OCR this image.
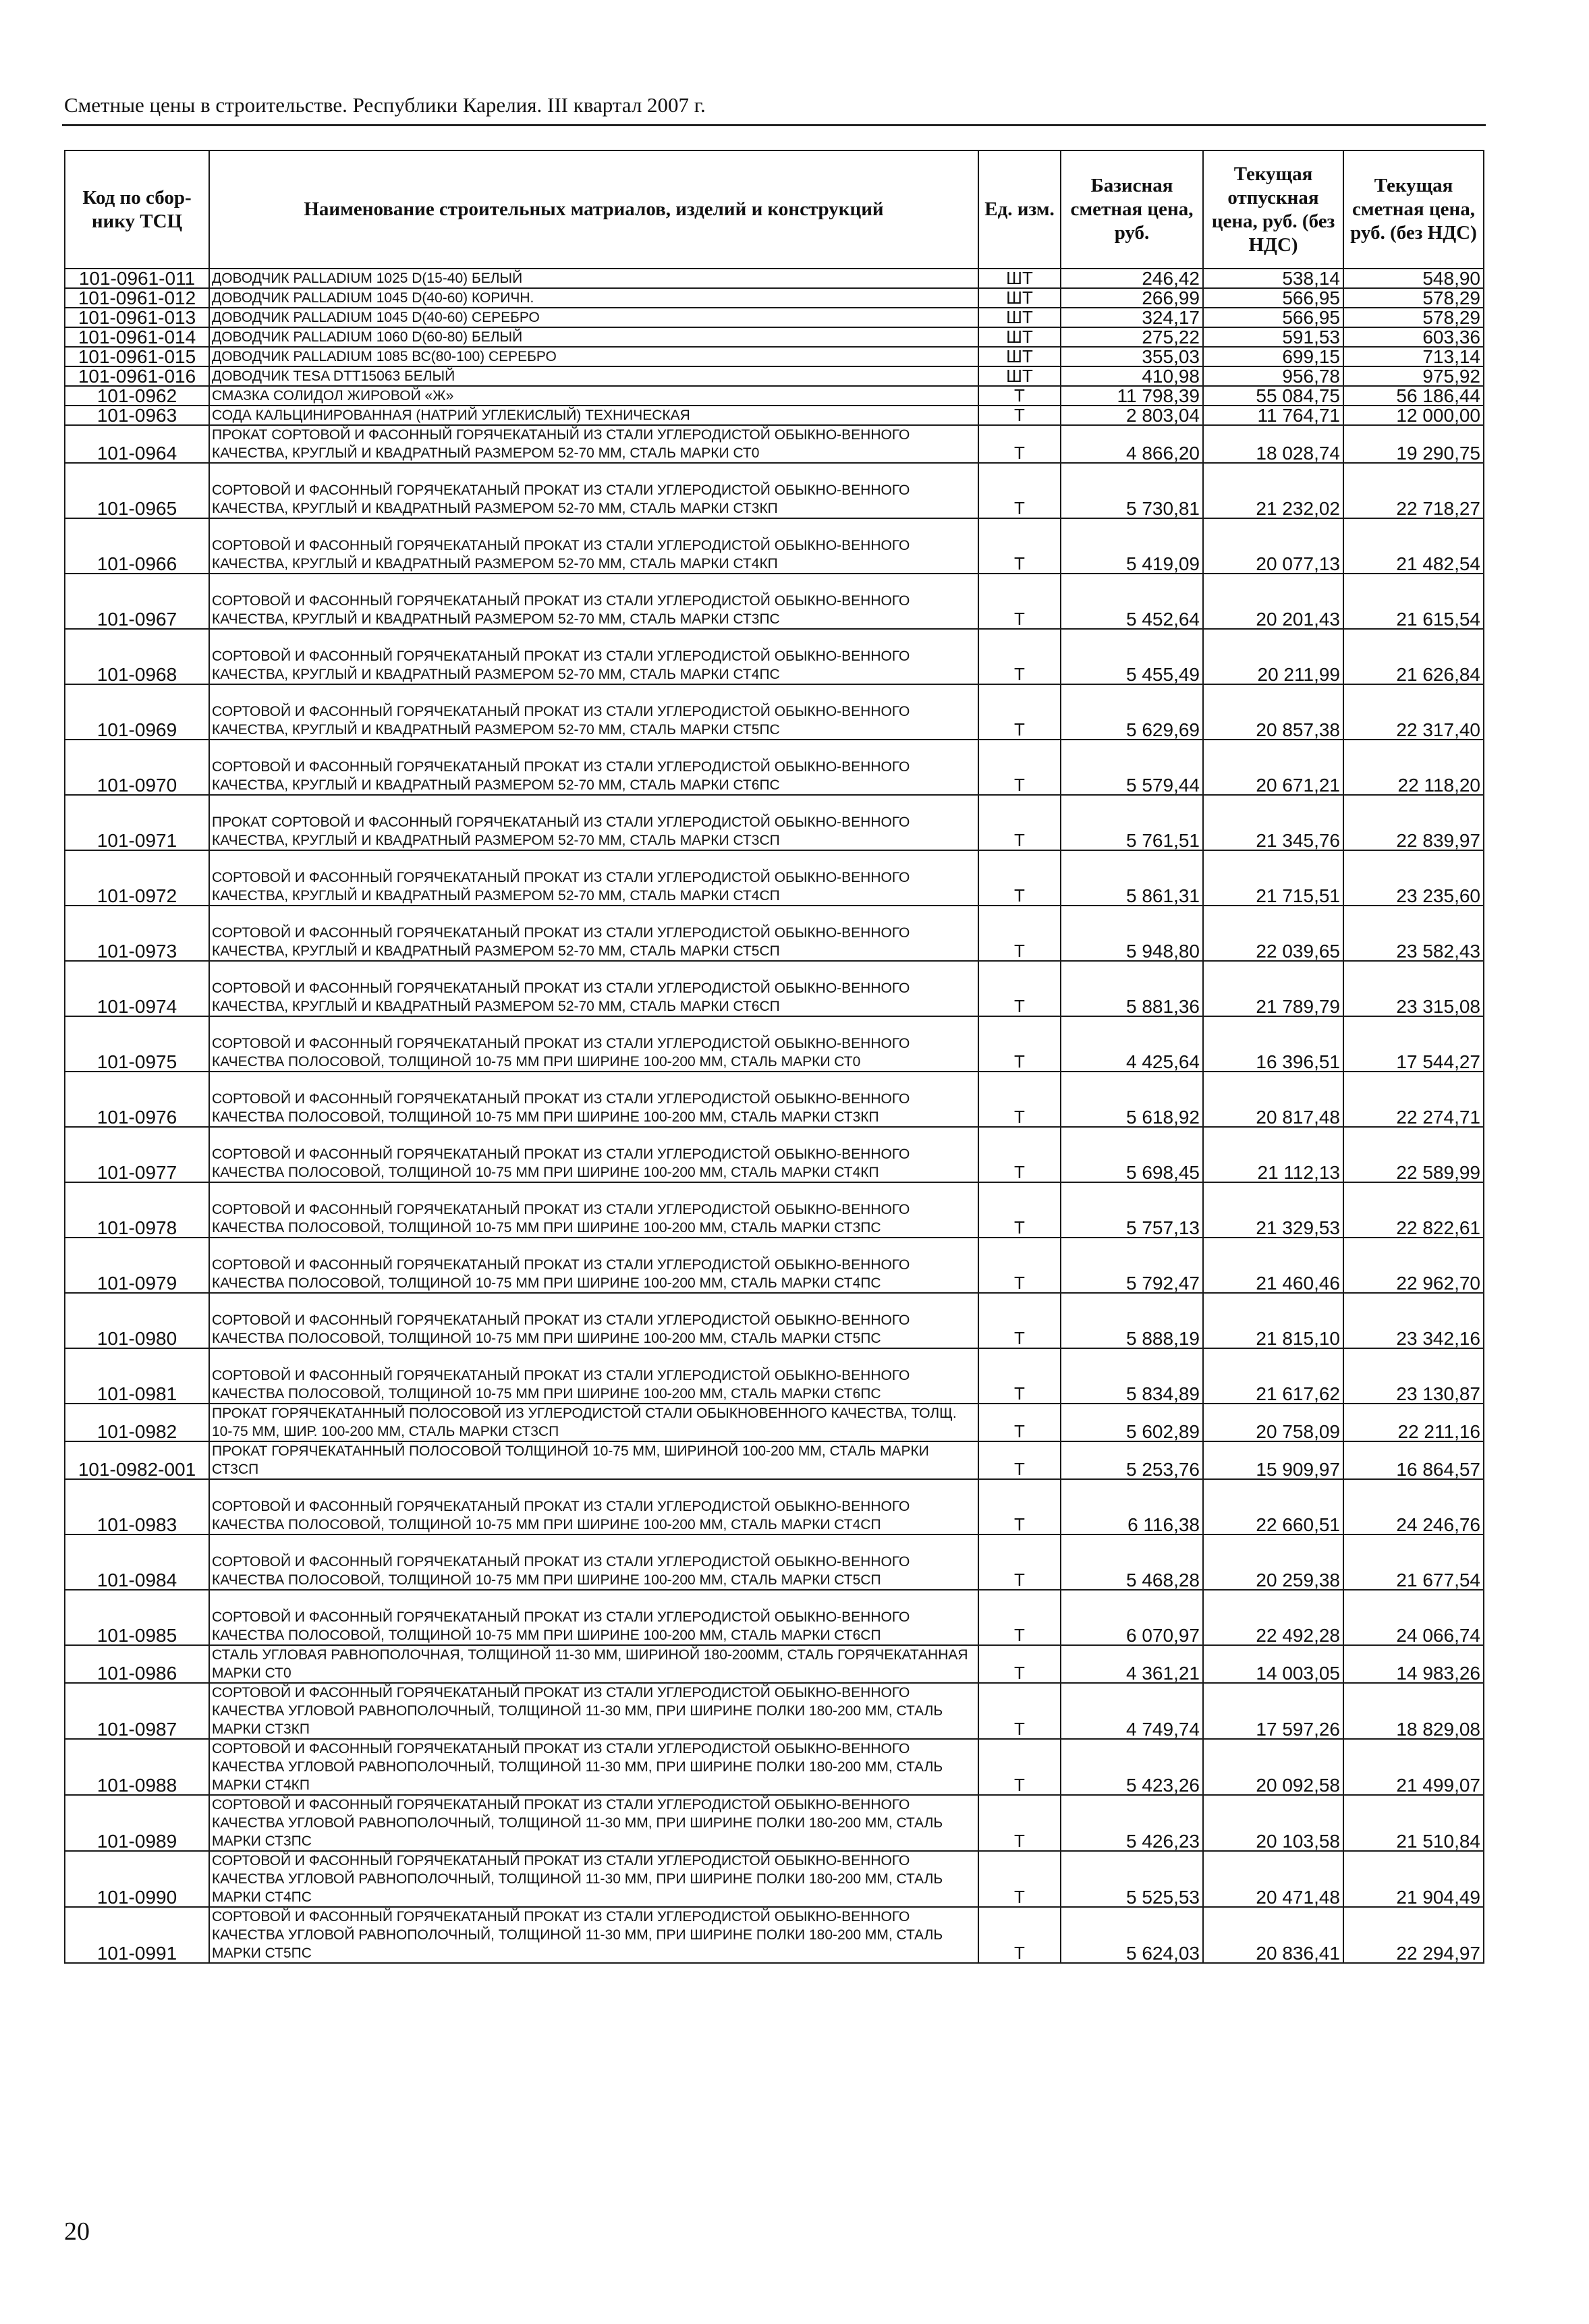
Сметные цены в строительстве. Республики Карелия. III квартал 2007 г.
Код по сбор-нику ТСЦ	Наименование строительных матриалов, изделий и конструкций	Ед. изм.	Базисная сметная цена, руб.	Текущая отпускная цена, руб. (без НДС)	Текущая сметная цена, руб. (без НДС)
101-0961-011	ДОВОДЧИК PALLADIUM 1025 D(15-40) БЕЛЫЙ	ШТ	246,42	538,14	548,90
101-0961-012	ДОВОДЧИК PALLADIUM 1045 D(40-60) КОРИЧН.	ШТ	266,99	566,95	578,29
101-0961-013	ДОВОДЧИК PALLADIUM 1045 D(40-60) СЕРЕБРО	ШТ	324,17	566,95	578,29
101-0961-014	ДОВОДЧИК PALLADIUM 1060 D(60-80) БЕЛЫЙ	ШТ	275,22	591,53	603,36
101-0961-015	ДОВОДЧИК PALLADIUM 1085 ВС(80-100) СЕРЕБРО	ШТ	355,03	699,15	713,14
101-0961-016	ДОВОДЧИК TESA DTT15063 БЕЛЫЙ	ШТ	410,98	956,78	975,92
101-0962	СМАЗКА СОЛИДОЛ ЖИРОВОЙ «Ж»	Т	11 798,39	55 084,75	56 186,44
101-0963	СОДА КАЛЬЦИНИРОВАННАЯ (НАТРИЙ УГЛЕКИСЛЫЙ) ТЕХНИЧЕСКАЯ	Т	2 803,04	11 764,71	12 000,00
101-0964	ПРОКАТ СОРТОВОЙ И ФАСОННЫЙ ГОРЯЧЕКАТАНЫЙ ИЗ СТАЛИ УГЛЕРОДИСТОЙ ОБЫКНО-ВЕННОГО КАЧЕСТВА, КРУГЛЫЙ И КВАДРАТНЫЙ РАЗМЕРОМ 52-70 ММ, СТАЛЬ МАРКИ СТ0	Т	4 866,20	18 028,74	19 290,75
101-0965	СОРТОВОЙ И ФАСОННЫЙ ГОРЯЧЕКАТАНЫЙ ПРОКАТ ИЗ СТАЛИ УГЛЕРОДИСТОЙ ОБЫКНО-ВЕННОГО КАЧЕСТВА, КРУГЛЫЙ И КВАДРАТНЫЙ РАЗМЕРОМ 52-70 ММ, СТАЛЬ МАРКИ СТ3КП	Т	5 730,81	21 232,02	22 718,27
101-0966	СОРТОВОЙ И ФАСОННЫЙ ГОРЯЧЕКАТАНЫЙ ПРОКАТ ИЗ СТАЛИ УГЛЕРОДИСТОЙ ОБЫКНО-ВЕННОГО КАЧЕСТВА, КРУГЛЫЙ И КВАДРАТНЫЙ РАЗМЕРОМ 52-70 ММ, СТАЛЬ МАРКИ СТ4КП	Т	5 419,09	20 077,13	21 482,54
101-0967	СОРТОВОЙ И ФАСОННЫЙ ГОРЯЧЕКАТАНЫЙ ПРОКАТ ИЗ СТАЛИ УГЛЕРОДИСТОЙ ОБЫКНО-ВЕННОГО КАЧЕСТВА, КРУГЛЫЙ И КВАДРАТНЫЙ РАЗМЕРОМ 52-70 ММ, СТАЛЬ МАРКИ СТ3ПС	Т	5 452,64	20 201,43	21 615,54
101-0968	СОРТОВОЙ И ФАСОННЫЙ ГОРЯЧЕКАТАНЫЙ ПРОКАТ ИЗ СТАЛИ УГЛЕРОДИСТОЙ ОБЫКНО-ВЕННОГО КАЧЕСТВА, КРУГЛЫЙ И КВАДРАТНЫЙ РАЗМЕРОМ 52-70 ММ, СТАЛЬ МАРКИ СТ4ПС	Т	5 455,49	20 211,99	21 626,84
101-0969	СОРТОВОЙ И ФАСОННЫЙ ГОРЯЧЕКАТАНЫЙ ПРОКАТ ИЗ СТАЛИ УГЛЕРОДИСТОЙ ОБЫКНО-ВЕННОГО КАЧЕСТВА, КРУГЛЫЙ И КВАДРАТНЫЙ РАЗМЕРОМ 52-70 ММ, СТАЛЬ МАРКИ СТ5ПС	Т	5 629,69	20 857,38	22 317,40
101-0970	СОРТОВОЙ И ФАСОННЫЙ ГОРЯЧЕКАТАНЫЙ ПРОКАТ ИЗ СТАЛИ УГЛЕРОДИСТОЙ ОБЫКНО-ВЕННОГО КАЧЕСТВА, КРУГЛЫЙ И КВАДРАТНЫЙ РАЗМЕРОМ 52-70 ММ, СТАЛЬ МАРКИ СТ6ПС	Т	5 579,44	20 671,21	22 118,20
101-0971	ПРОКАТ СОРТОВОЙ И ФАСОННЫЙ ГОРЯЧЕКАТАНЫЙ ИЗ СТАЛИ УГЛЕРОДИСТОЙ ОБЫКНО-ВЕННОГО КАЧЕСТВА, КРУГЛЫЙ И КВАДРАТНЫЙ РАЗМЕРОМ 52-70 ММ, СТАЛЬ МАРКИ СТ3СП	Т	5 761,51	21 345,76	22 839,97
101-0972	СОРТОВОЙ И ФАСОННЫЙ ГОРЯЧЕКАТАНЫЙ ПРОКАТ ИЗ СТАЛИ УГЛЕРОДИСТОЙ ОБЫКНО-ВЕННОГО КАЧЕСТВА, КРУГЛЫЙ И КВАДРАТНЫЙ РАЗМЕРОМ 52-70 ММ, СТАЛЬ МАРКИ СТ4СП	Т	5 861,31	21 715,51	23 235,60
101-0973	СОРТОВОЙ И ФАСОННЫЙ ГОРЯЧЕКАТАНЫЙ ПРОКАТ ИЗ СТАЛИ УГЛЕРОДИСТОЙ ОБЫКНО-ВЕННОГО КАЧЕСТВА, КРУГЛЫЙ И КВАДРАТНЫЙ РАЗМЕРОМ 52-70 ММ, СТАЛЬ МАРКИ СТ5СП	Т	5 948,80	22 039,65	23 582,43
101-0974	СОРТОВОЙ И ФАСОННЫЙ ГОРЯЧЕКАТАНЫЙ ПРОКАТ ИЗ СТАЛИ УГЛЕРОДИСТОЙ ОБЫКНО-ВЕННОГО КАЧЕСТВА, КРУГЛЫЙ И КВАДРАТНЫЙ РАЗМЕРОМ 52-70 ММ, СТАЛЬ МАРКИ СТ6СП	Т	5 881,36	21 789,79	23 315,08
101-0975	СОРТОВОЙ И ФАСОННЫЙ ГОРЯЧЕКАТАНЫЙ ПРОКАТ ИЗ СТАЛИ УГЛЕРОДИСТОЙ ОБЫКНО-ВЕННОГО КАЧЕСТВА ПОЛОСОВОЙ, ТОЛЩИНОЙ 10-75 ММ ПРИ ШИРИНЕ 100-200 ММ, СТАЛЬ МАРКИ СТ0	Т	4 425,64	16 396,51	17 544,27
101-0976	СОРТОВОЙ И ФАСОННЫЙ ГОРЯЧЕКАТАНЫЙ ПРОКАТ ИЗ СТАЛИ УГЛЕРОДИСТОЙ ОБЫКНО-ВЕННОГО КАЧЕСТВА ПОЛОСОВОЙ, ТОЛЩИНОЙ 10-75 ММ ПРИ ШИРИНЕ 100-200 ММ, СТАЛЬ МАРКИ СТ3КП	Т	5 618,92	20 817,48	22 274,71
101-0977	СОРТОВОЙ И ФАСОННЫЙ ГОРЯЧЕКАТАНЫЙ ПРОКАТ ИЗ СТАЛИ УГЛЕРОДИСТОЙ ОБЫКНО-ВЕННОГО КАЧЕСТВА ПОЛОСОВОЙ, ТОЛЩИНОЙ 10-75 ММ ПРИ ШИРИНЕ 100-200 ММ, СТАЛЬ МАРКИ СТ4КП	Т	5 698,45	21 112,13	22 589,99
101-0978	СОРТОВОЙ И ФАСОННЫЙ ГОРЯЧЕКАТАНЫЙ ПРОКАТ ИЗ СТАЛИ УГЛЕРОДИСТОЙ ОБЫКНО-ВЕННОГО КАЧЕСТВА ПОЛОСОВОЙ, ТОЛЩИНОЙ 10-75 ММ ПРИ ШИРИНЕ 100-200 ММ, СТАЛЬ МАРКИ СТ3ПС	Т	5 757,13	21 329,53	22 822,61
101-0979	СОРТОВОЙ И ФАСОННЫЙ ГОРЯЧЕКАТАНЫЙ ПРОКАТ ИЗ СТАЛИ УГЛЕРОДИСТОЙ ОБЫКНО-ВЕННОГО КАЧЕСТВА ПОЛОСОВОЙ, ТОЛЩИНОЙ 10-75 ММ ПРИ ШИРИНЕ 100-200 ММ, СТАЛЬ МАРКИ СТ4ПС	Т	5 792,47	21 460,46	22 962,70
101-0980	СОРТОВОЙ И ФАСОННЫЙ ГОРЯЧЕКАТАНЫЙ ПРОКАТ ИЗ СТАЛИ УГЛЕРОДИСТОЙ ОБЫКНО-ВЕННОГО КАЧЕСТВА ПОЛОСОВОЙ, ТОЛЩИНОЙ 10-75 ММ ПРИ ШИРИНЕ 100-200 ММ, СТАЛЬ МАРКИ СТ5ПС	Т	5 888,19	21 815,10	23 342,16
101-0981	СОРТОВОЙ И ФАСОННЫЙ ГОРЯЧЕКАТАНЫЙ ПРОКАТ ИЗ СТАЛИ УГЛЕРОДИСТОЙ ОБЫКНО-ВЕННОГО КАЧЕСТВА ПОЛОСОВОЙ, ТОЛЩИНОЙ 10-75 ММ ПРИ ШИРИНЕ 100-200 ММ, СТАЛЬ МАРКИ СТ6ПС	Т	5 834,89	21 617,62	23 130,87
101-0982	ПРОКАТ ГОРЯЧЕКАТАННЫЙ ПОЛОСОВОЙ ИЗ УГЛЕРОДИСТОЙ СТАЛИ ОБЫКНОВЕННОГО КАЧЕСТВА, ТОЛЩ. 10-75 ММ, ШИР. 100-200 ММ, СТАЛЬ МАРКИ СТ3СП	Т	5 602,89	20 758,09	22 211,16
101-0982-001	ПРОКАТ ГОРЯЧЕКАТАННЫЙ ПОЛОСОВОЙ ТОЛЩИНОЙ 10-75 ММ, ШИРИНОЙ 100-200 ММ, СТАЛЬ МАРКИ СТ3СП	Т	5 253,76	15 909,97	16 864,57
101-0983	СОРТОВОЙ И ФАСОННЫЙ ГОРЯЧЕКАТАНЫЙ ПРОКАТ ИЗ СТАЛИ УГЛЕРОДИСТОЙ ОБЫКНО-ВЕННОГО КАЧЕСТВА ПОЛОСОВОЙ, ТОЛЩИНОЙ 10-75 ММ ПРИ ШИРИНЕ 100-200 ММ, СТАЛЬ МАРКИ СТ4СП	Т	6 116,38	22 660,51	24 246,76
101-0984	СОРТОВОЙ И ФАСОННЫЙ ГОРЯЧЕКАТАНЫЙ ПРОКАТ ИЗ СТАЛИ УГЛЕРОДИСТОЙ ОБЫКНО-ВЕННОГО КАЧЕСТВА ПОЛОСОВОЙ, ТОЛЩИНОЙ 10-75 ММ ПРИ ШИРИНЕ 100-200 ММ, СТАЛЬ МАРКИ СТ5СП	Т	5 468,28	20 259,38	21 677,54
101-0985	СОРТОВОЙ И ФАСОННЫЙ ГОРЯЧЕКАТАНЫЙ ПРОКАТ ИЗ СТАЛИ УГЛЕРОДИСТОЙ ОБЫКНО-ВЕННОГО КАЧЕСТВА ПОЛОСОВОЙ, ТОЛЩИНОЙ 10-75 ММ ПРИ ШИРИНЕ 100-200 ММ, СТАЛЬ МАРКИ СТ6СП	Т	6 070,97	22 492,28	24 066,74
101-0986	СТАЛЬ УГЛОВАЯ РАВНОПОЛОЧНАЯ, ТОЛЩИНОЙ 11-30 ММ, ШИРИНОЙ 180-200ММ, СТАЛЬ ГОРЯЧЕКАТАННАЯ МАРКИ СТ0	Т	4 361,21	14 003,05	14 983,26
101-0987	СОРТОВОЙ И ФАСОННЫЙ ГОРЯЧЕКАТАНЫЙ ПРОКАТ ИЗ СТАЛИ УГЛЕРОДИСТОЙ ОБЫКНО-ВЕННОГО КАЧЕСТВА УГЛОВОЙ РАВНОПОЛОЧНЫЙ, ТОЛЩИНОЙ 11-30 ММ, ПРИ ШИРИНЕ ПОЛКИ 180-200 ММ, СТАЛЬ МАРКИ СТ3КП	Т	4 749,74	17 597,26	18 829,08
101-0988	СОРТОВОЙ И ФАСОННЫЙ ГОРЯЧЕКАТАНЫЙ ПРОКАТ ИЗ СТАЛИ УГЛЕРОДИСТОЙ ОБЫКНО-ВЕННОГО КАЧЕСТВА УГЛОВОЙ РАВНОПОЛОЧНЫЙ, ТОЛЩИНОЙ 11-30 ММ, ПРИ ШИРИНЕ ПОЛКИ 180-200 ММ, СТАЛЬ МАРКИ СТ4КП	Т	5 423,26	20 092,58	21 499,07
101-0989	СОРТОВОЙ И ФАСОННЫЙ ГОРЯЧЕКАТАНЫЙ ПРОКАТ ИЗ СТАЛИ УГЛЕРОДИСТОЙ ОБЫКНО-ВЕННОГО КАЧЕСТВА УГЛОВОЙ РАВНОПОЛОЧНЫЙ, ТОЛЩИНОЙ 11-30 ММ, ПРИ ШИРИНЕ ПОЛКИ 180-200 ММ, СТАЛЬ МАРКИ СТ3ПС	Т	5 426,23	20 103,58	21 510,84
101-0990	СОРТОВОЙ И ФАСОННЫЙ ГОРЯЧЕКАТАНЫЙ ПРОКАТ ИЗ СТАЛИ УГЛЕРОДИСТОЙ ОБЫКНО-ВЕННОГО КАЧЕСТВА УГЛОВОЙ РАВНОПОЛОЧНЫЙ, ТОЛЩИНОЙ 11-30 ММ, ПРИ ШИРИНЕ ПОЛКИ 180-200 ММ, СТАЛЬ МАРКИ СТ4ПС	Т	5 525,53	20 471,48	21 904,49
101-0991	СОРТОВОЙ И ФАСОННЫЙ ГОРЯЧЕКАТАНЫЙ ПРОКАТ ИЗ СТАЛИ УГЛЕРОДИСТОЙ ОБЫКНО-ВЕННОГО КАЧЕСТВА УГЛОВОЙ РАВНОПОЛОЧНЫЙ, ТОЛЩИНОЙ 11-30 ММ, ПРИ ШИРИНЕ ПОЛКИ 180-200 ММ, СТАЛЬ МАРКИ СТ5ПС	Т	5 624,03	20 836,41	22 294,97
20
